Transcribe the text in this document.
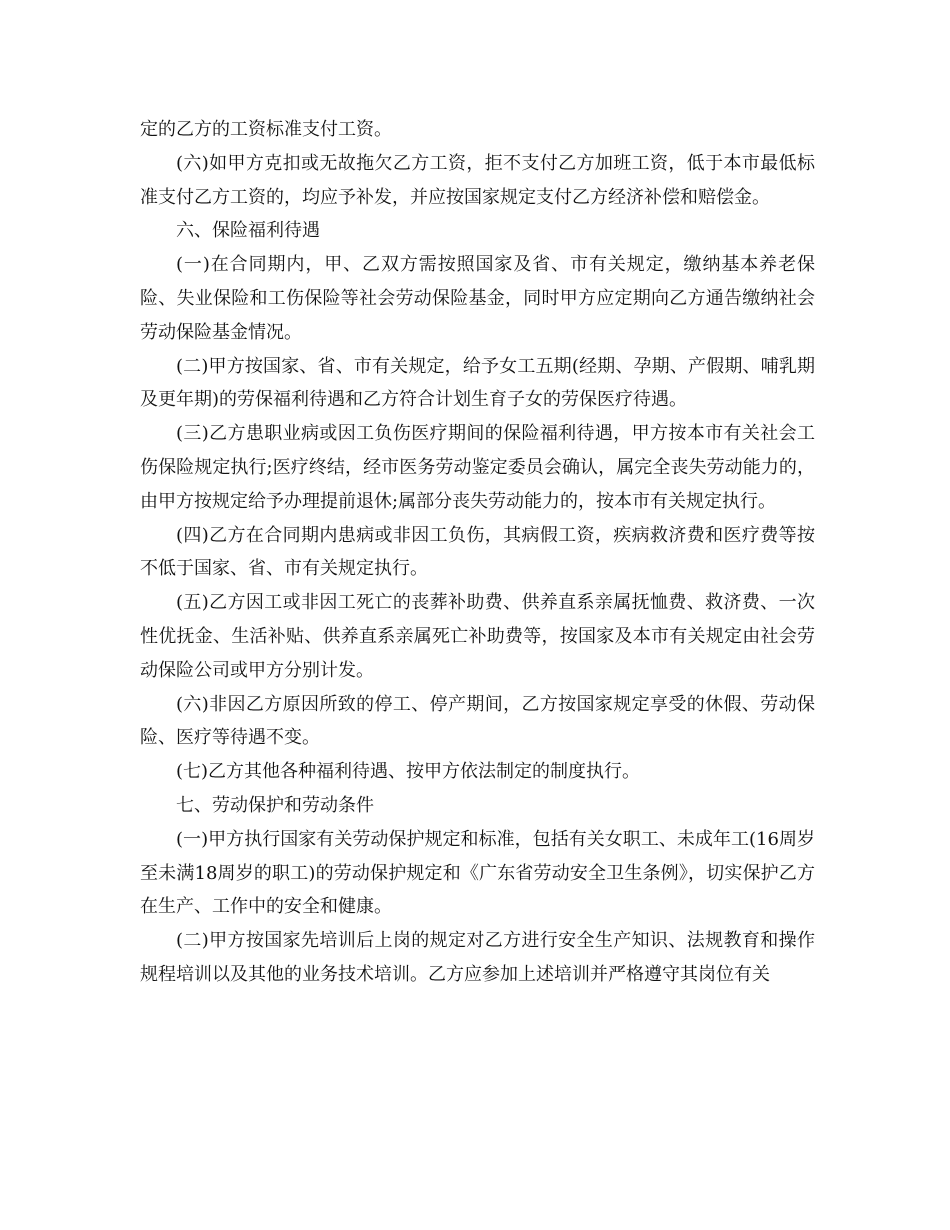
定的乙方的工资标准支付工资。

(六)如甲方克扣或无故拖欠乙方工资，拒不支付乙方加班工资，低于本市最低标准支付乙方工资的，均应予补发，并应按国家规定支付乙方经济补偿和赔偿金。

六、保险福利待遇

(一)在合同期内，甲、乙双方需按照国家及省、市有关规定，缴纳基本养老保险、失业保险和工伤保险等社会劳动保险基金，同时甲方应定期向乙方通告缴纳社会劳动保险基金情况。

(二)甲方按国家、省、市有关规定，给予女工五期(经期、孕期、产假期、哺乳期及更年期)的劳保福利待遇和乙方符合计划生育子女的劳保医疗待遇。

(三)乙方患职业病或因工负伤医疗期间的保险福利待遇，甲方按本市有关社会工伤保险规定执行;医疗终结，经市医务劳动鉴定委员会确认，属完全丧失劳动能力的，由甲方按规定给予办理提前退休;属部分丧失劳动能力的，按本市有关规定执行。

(四)乙方在合同期内患病或非因工负伤，其病假工资，疾病救济费和医疗费等按不低于国家、省、市有关规定执行。

(五)乙方因工或非因工死亡的丧葬补助费、供养直系亲属抚恤费、救济费、一次性优抚金、生活补贴、供养直系亲属死亡补助费等，按国家及本市有关规定由社会劳动保险公司或甲方分别计发。

(六)非因乙方原因所致的停工、停产期间，乙方按国家规定享受的休假、劳动保险、医疗等待遇不变。

(七)乙方其他各种福利待遇、按甲方依法制定的制度执行。

七、劳动保护和劳动条件

(一)甲方执行国家有关劳动保护规定和标准，包括有关女职工、未成年工(16周岁至未满18周岁的职工)的劳动保护规定和《广东省劳动安全卫生条例》，切实保护乙方在生产、工作中的安全和健康。

(二)甲方按国家先培训后上岗的规定对乙方进行安全生产知识、法规教育和操作规程培训以及其他的业务技术培训。乙方应参加上述培训并严格遵守其岗位有关
